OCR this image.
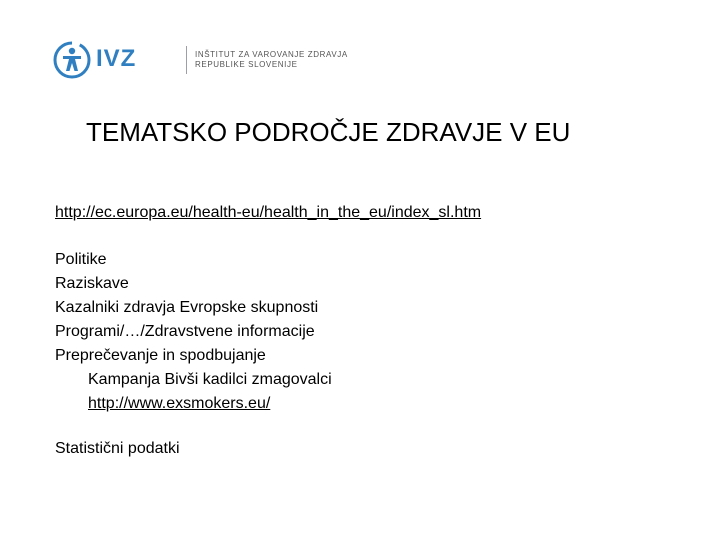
IVZ	INŠTITUT ZA VAROVANJE ZDRAVJA
REPUBLIKE SLOVENIJE
TEMATSKO PODROČJE ZDRAVJE V EU
http://ec.europa.eu/health-eu/health_in_the_eu/index_sl.htm
Politike
Raziskave
Kazalniki zdravja Evropske skupnosti
Programi/…/Zdravstvene informacije
Preprečevanje in spodbujanje
Kampanja Bivši kadilci zmagovalci
http://www.exsmokers.eu/
Statistični podatki
